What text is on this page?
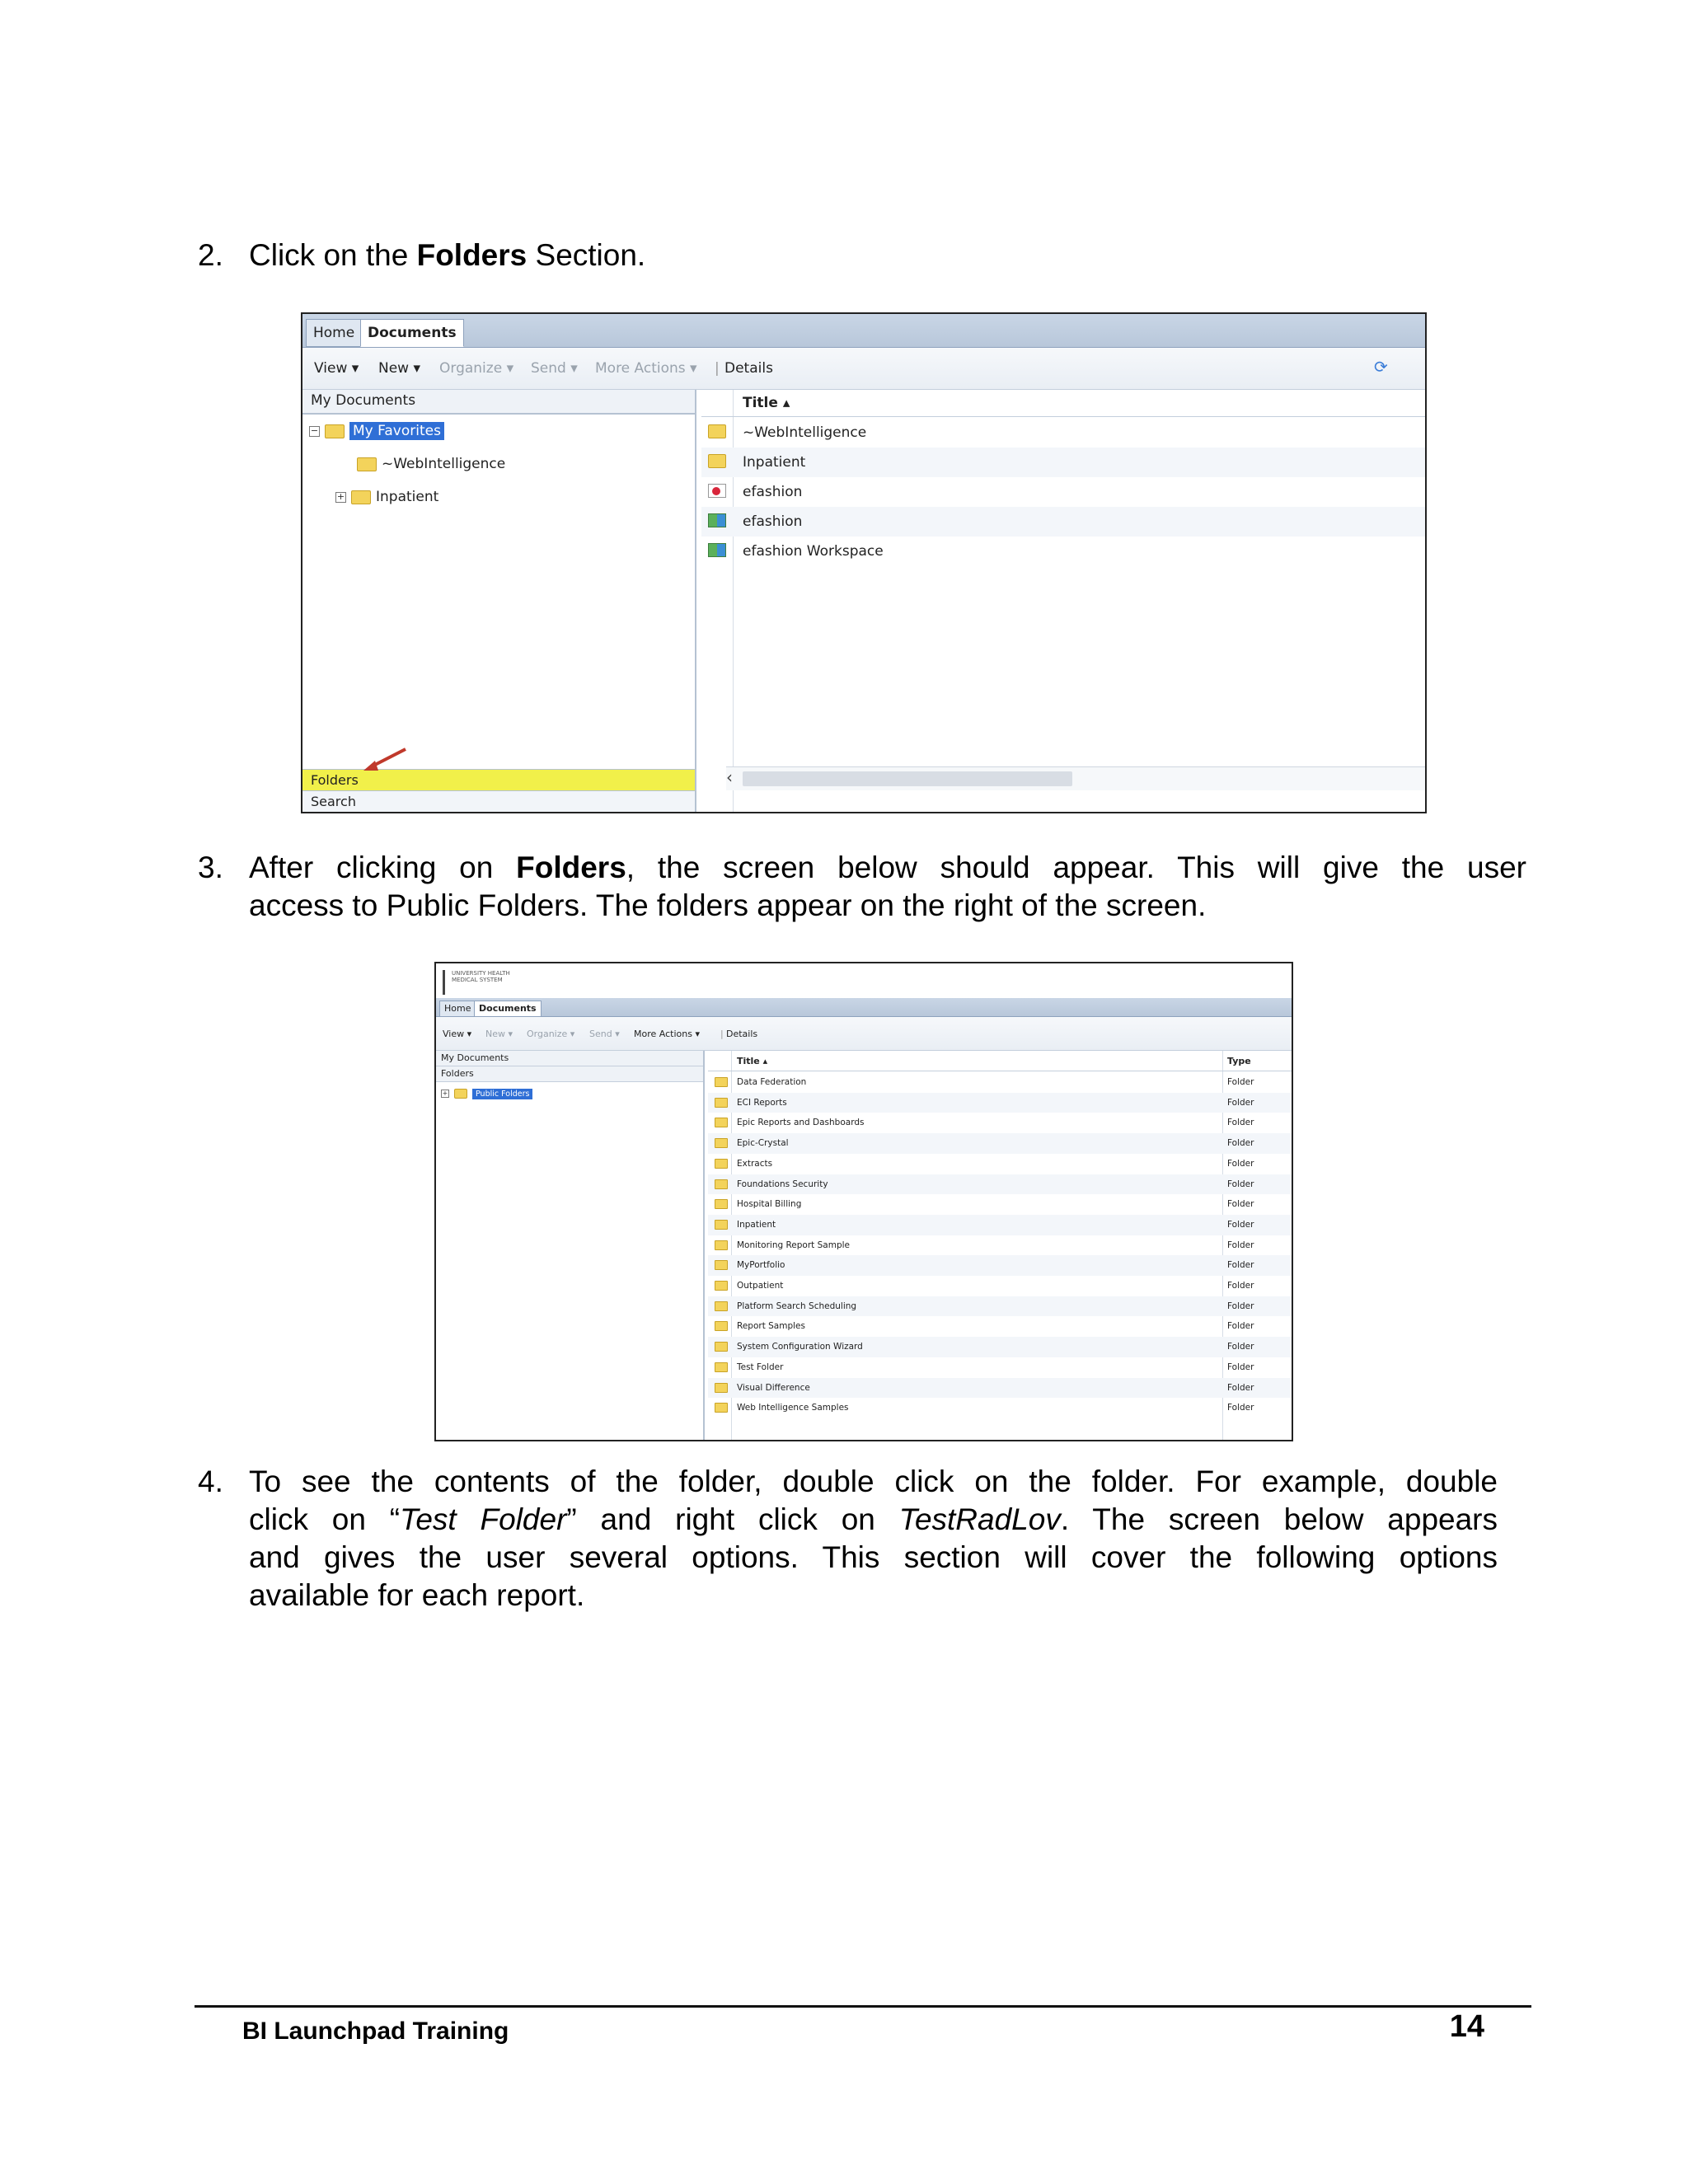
2. Click on the Folders Section.
Home Documents
View ▾ New ▾ Organize ▾ Send ▾ More Actions ▾ | Details	⟳
My Documents
− My Favorites
~WebIntelligence
+ Inpatient
Folders
Search
Title ▴
~WebIntelligence
Inpatient
efashion
efashion
efashion Workspace
‹
3. After clicking on Folders, the screen below should appear. This will give the user
access to Public Folders. The folders appear on the right of the screen.
UNIVERSITY HEALTH
MEDICAL SYSTEM
Home Documents
View ▾ New ▾ Organize ▾ Send ▾ More Actions ▾ | Details
My Documents
Folders
+	Public Folders
Title ▴	Type
Data Federation	Folder
ECI Reports	Folder
Epic Reports and Dashboards	Folder
Epic-Crystal	Folder
Extracts	Folder
Foundations Security	Folder
Hospital Billing	Folder
Inpatient	Folder
Monitoring Report Sample	Folder
MyPortfolio	Folder
Outpatient	Folder
Platform Search Scheduling	Folder
Report Samples	Folder
System Configuration Wizard	Folder
Test Folder	Folder
Visual Difference	Folder
Web Intelligence Samples	Folder
4. To see the contents of the folder, double click on the folder. For example, double
click on “Test Folder” and right click on TestRadLov. The screen below appears
and gives the user several options. This section will cover the following options
available for each report.
BI Launchpad Training	14
